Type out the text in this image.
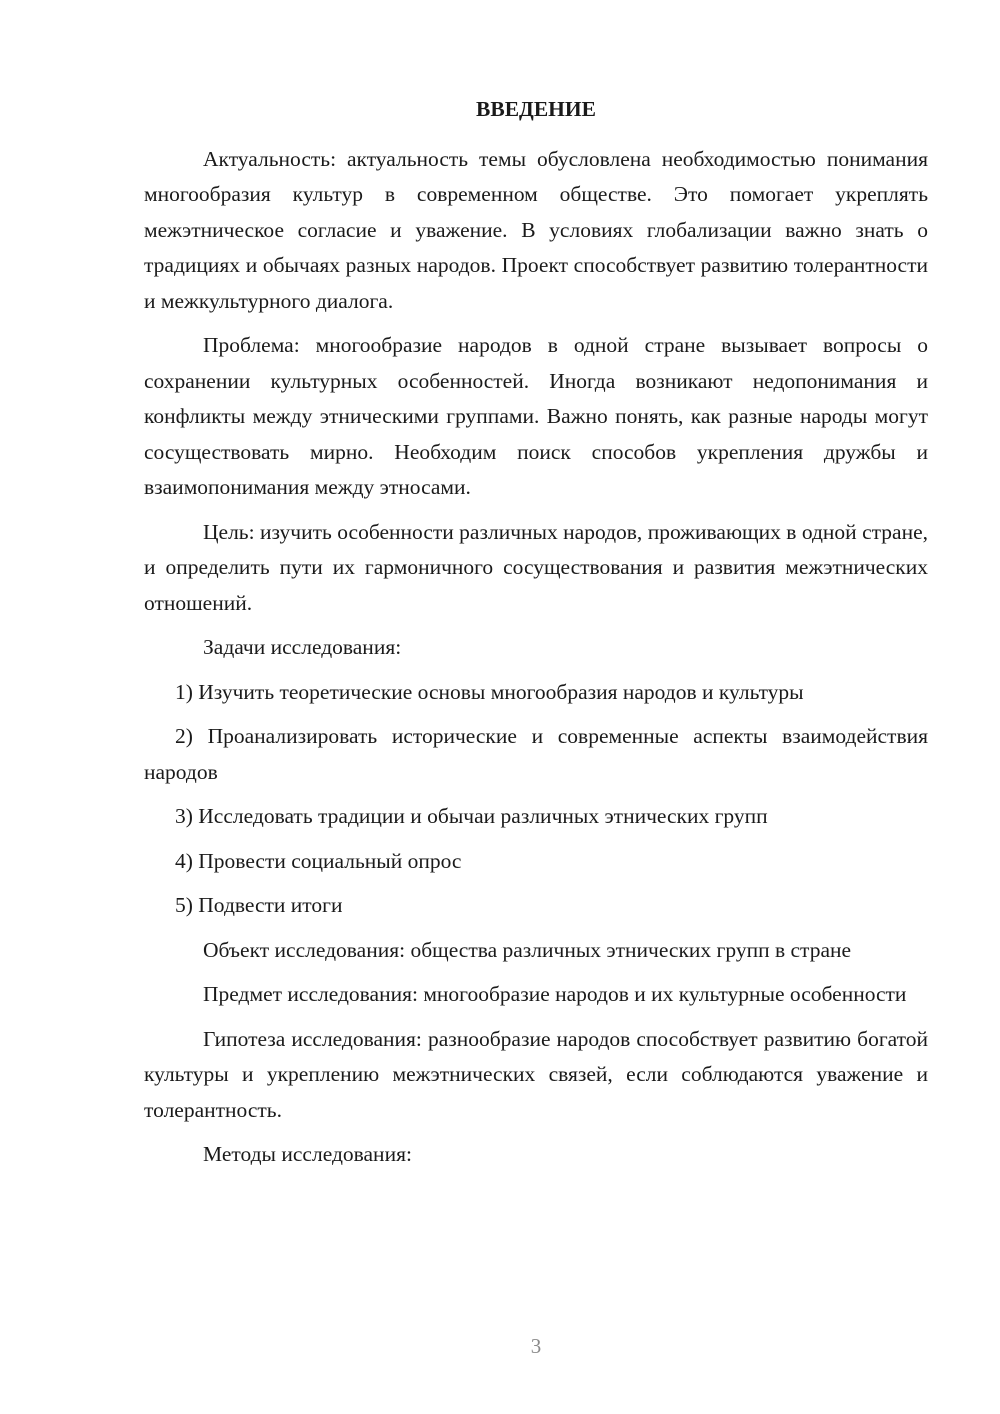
ВВЕДЕНИЕ
Актуальность: актуальность темы обусловлена необходимостью понимания многообразия культур в современном обществе. Это помогает укреплять межэтническое согласие и уважение. В условиях глобализации важно знать о традициях и обычаях разных народов. Проект способствует развитию толерантности и межкультурного диалога.
Проблема: многообразие народов в одной стране вызывает вопросы о сохранении культурных особенностей. Иногда возникают недопонимания и конфликты между этническими группами. Важно понять, как разные народы могут сосуществовать мирно. Необходим поиск способов укрепления дружбы и взаимопонимания между этносами.
Цель: изучить особенности различных народов, проживающих в одной стране, и определить пути их гармоничного сосуществования и развития межэтнических отношений.
Задачи исследования:
1) Изучить теоретические основы многообразия народов и культуры
2) Проанализировать исторические и современные аспекты взаимодействия народов
3) Исследовать традиции и обычаи различных этнических групп
4) Провести социальный опрос
5) Подвести итоги
Объект исследования: общества различных этнических групп в стране
Предмет исследования: многообразие народов и их культурные особенности
Гипотеза исследования: разнообразие народов способствует развитию богатой культуры и укреплению межэтнических связей, если соблюдаются уважение и толерантность.
Методы исследования:
3
